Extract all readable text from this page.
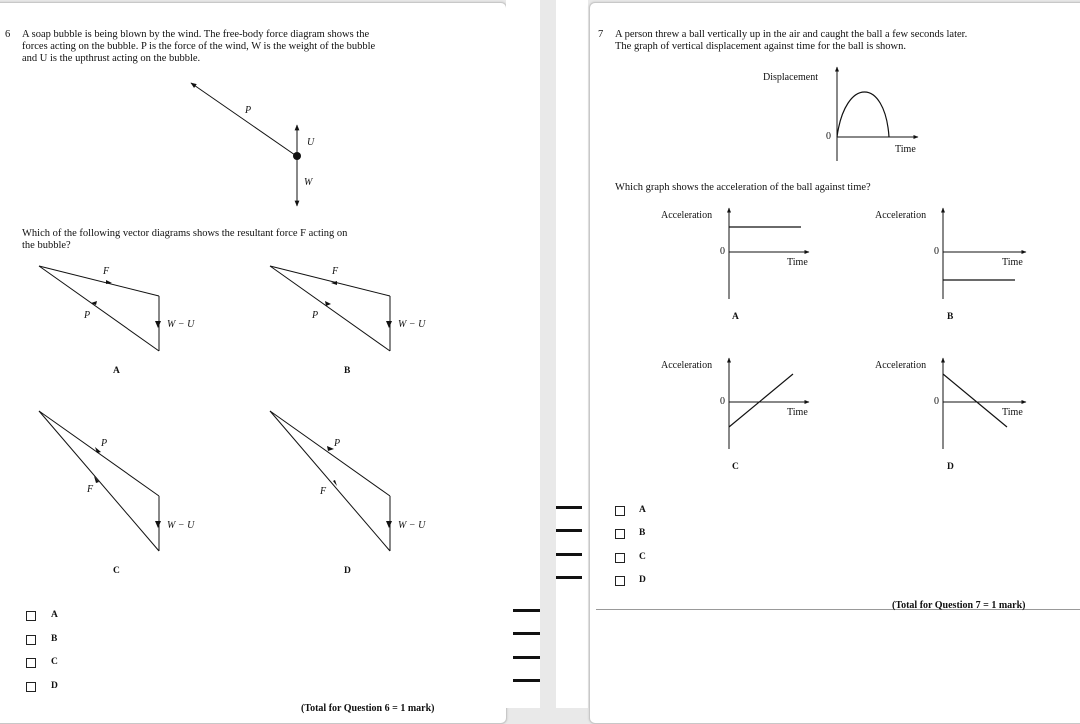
6 A soap bubble is being blown by the wind. The free-body force diagram shows the
forces acting on the bubble. P is the force of the wind, W is the weight of the bubble
and U is the upthrust acting on the bubble.
P
U
W
Which of the following vector diagrams shows the resultant force F acting on
the bubble?
F
P
W − U
A
F
P
W − U
B
P
F
W − U
C
P
F
W − U
D
A
B
C
D
(Total for Question 6 = 1 mark)
7 A person threw a ball vertically up in the air and caught the ball a few seconds later.
The graph of vertical displacement against time for the ball is shown.
Displacement
0
Time
Which graph shows the acceleration of the ball against time?
Acceleration
0
Time
A
Acceleration
0
Time
B
Acceleration
0
Time
C
Acceleration
0
Time
D
A
B
C
D
(Total for Question 7 = 1 mark)
